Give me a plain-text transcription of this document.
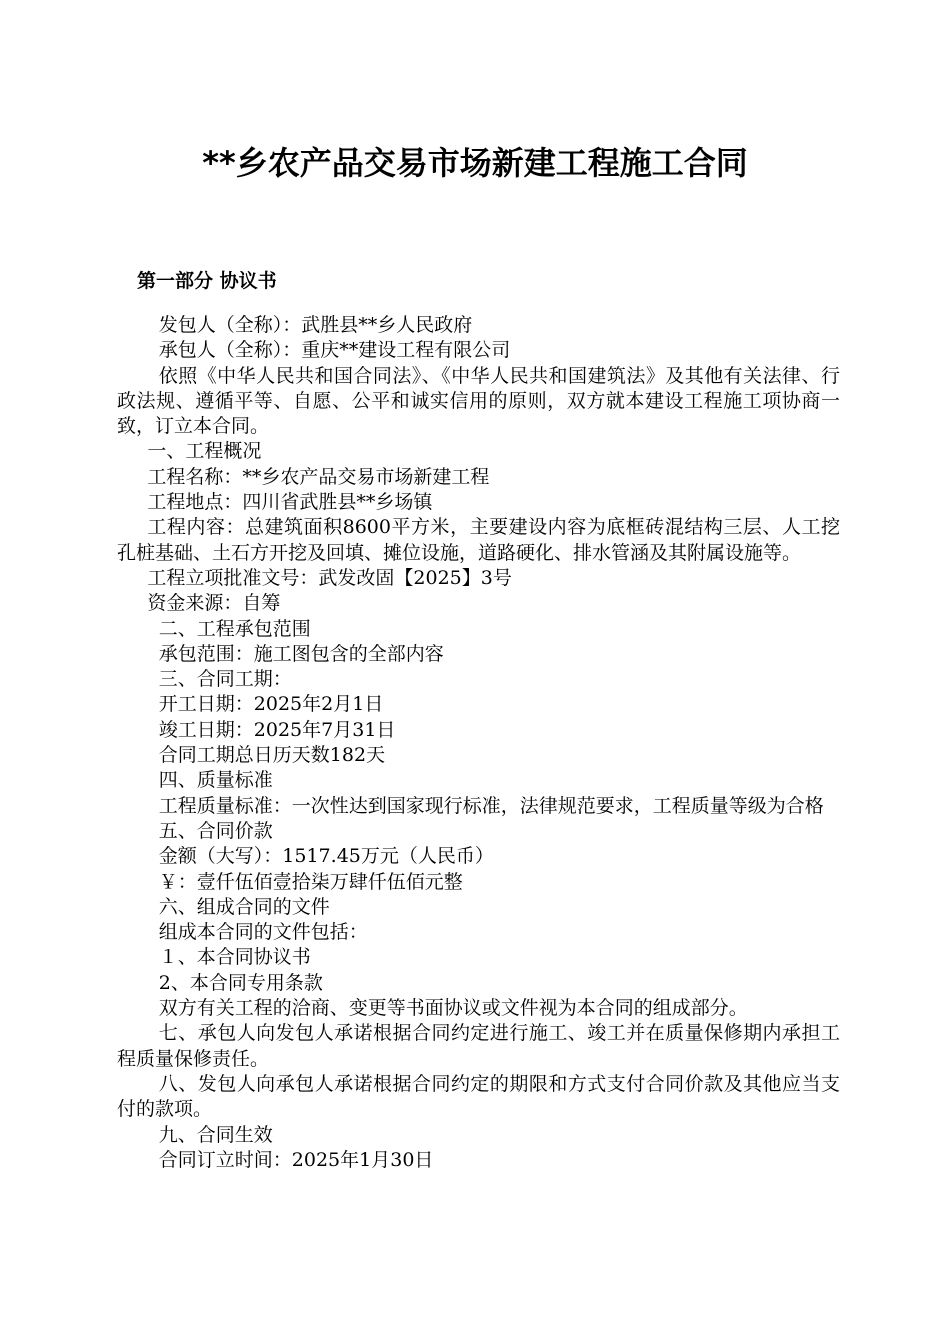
**乡农产品交易市场新建工程施工合同
第一部分 协议书

发包人（全称）：武胜县**乡人民政府

承包人（全称）：重庆**建设工程有限公司

依照《中华人民共和国合同法》、《中华人民共和国建筑法》及其他有关法律、行政法规、遵循平等、自愿、公平和诚实信用的原则，双方就本建设工程施工项协商一致，订立本合同。

一、工程概况

工程名称：**乡农产品交易市场新建工程

工程地点：四川省武胜县**乡场镇

工程内容：总建筑面积8600平方米，主要建设内容为底框砖混结构三层、人工挖孔桩基础、土石方开挖及回填、摊位设施，道路硬化、排水管涵及其附属设施等。

工程立项批准文号：武发改固【2025】3号

资金来源：自筹

二、工程承包范围

承包范围：施工图包含的全部内容

三、合同工期：

开工日期：2025年2月1日

竣工日期：2025年7月31日

合同工期总日历天数182天

四、质量标准

工程质量标准：一次性达到国家现行标准，法律规范要求，工程质量等级为合格

五、合同价款

金额（大写）：1517.45万元（人民币）

￥：壹仟伍佰壹拾柒万肆仟伍佰元整

六、组成合同的文件

组成本合同的文件包括：

１、本合同协议书

2、本合同专用条款

双方有关工程的洽商、变更等书面协议或文件视为本合同的组成部分。

七、承包人向发包人承诺根据合同约定进行施工、竣工并在质量保修期内承担工程质量保修责任。

八、发包人向承包人承诺根据合同约定的期限和方式支付合同价款及其他应当支付的款项。

九、合同生效

合同订立时间：2025年1月30日
